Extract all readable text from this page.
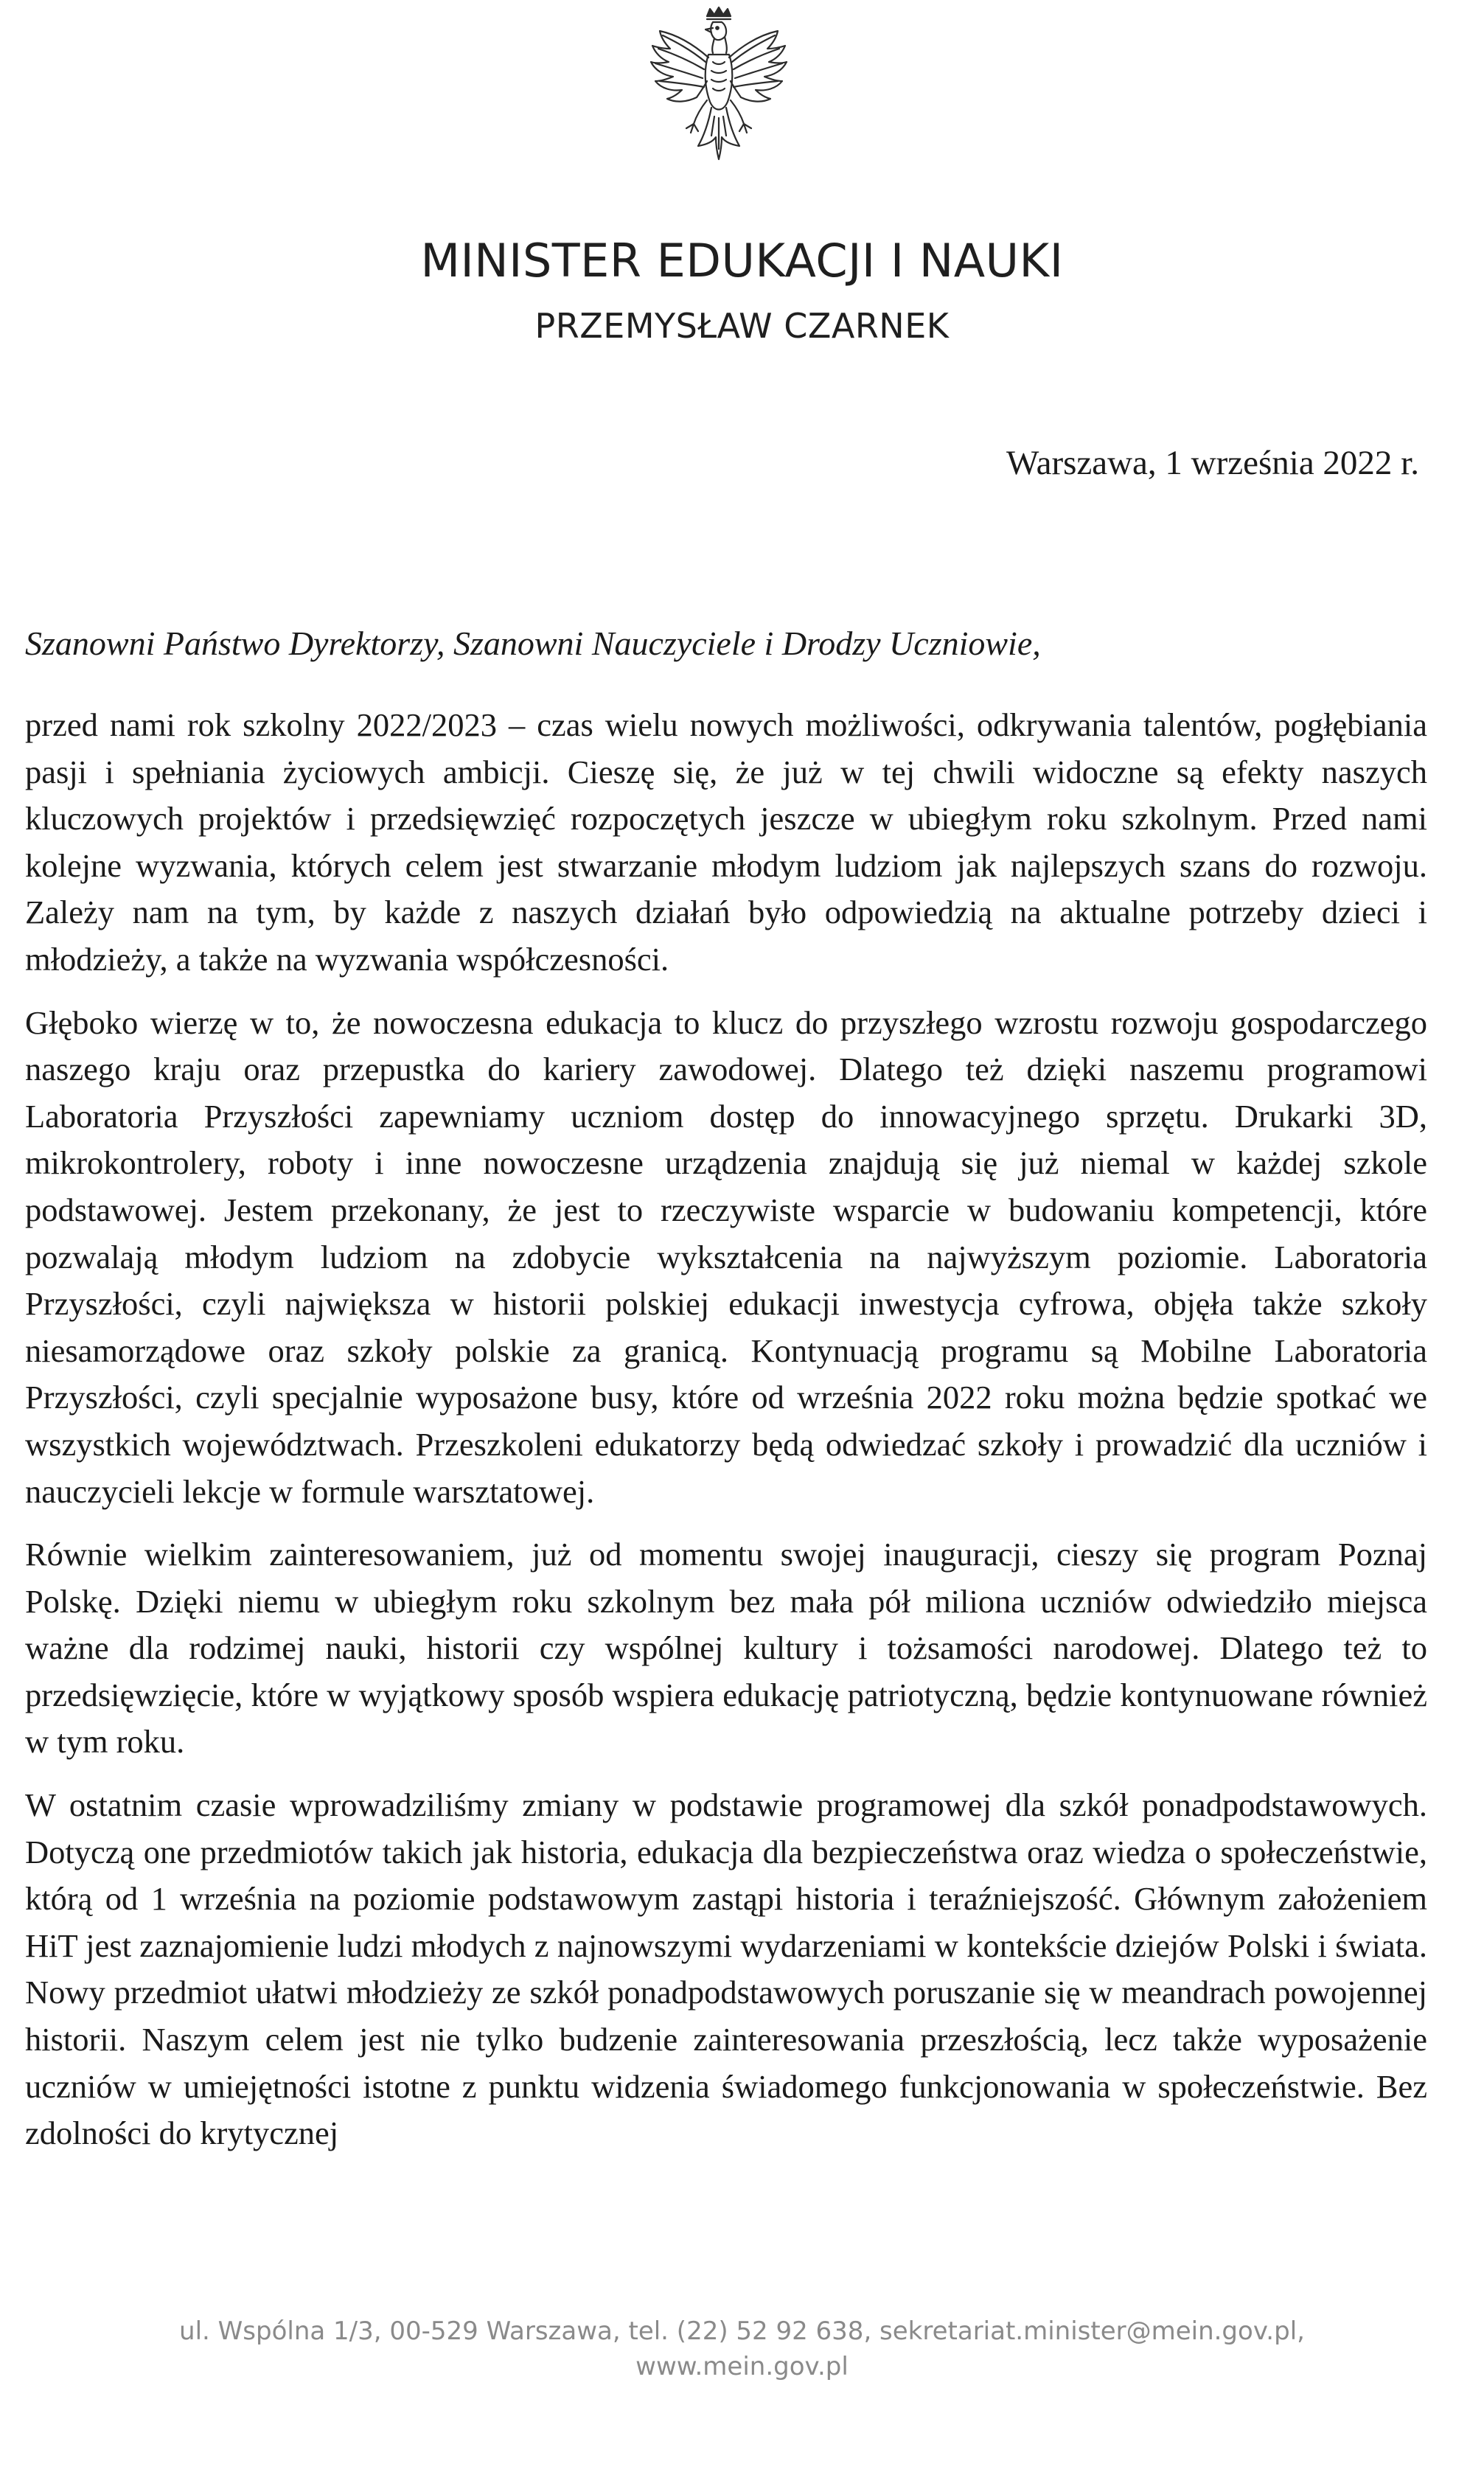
MINISTER EDUKACJI I NAUKI
PRZEMYSŁAW CZARNEK
Warszawa, 1 września 2022 r.
Szanowni Państwo Dyrektorzy, Szanowni Nauczyciele i Drodzy Uczniowie,

przed nami rok szkolny 2022/2023 – czas wielu nowych możliwości, odkrywania talentów, pogłębiania pasji i spełniania życiowych ambicji. Cieszę się, że już w tej chwili widoczne są efekty naszych kluczowych projektów i przedsięwzięć rozpoczętych jeszcze w ubiegłym roku szkolnym. Przed nami kolejne wyzwania, których celem jest stwarzanie młodym ludziom jak najlepszych szans do rozwoju. Zależy nam na tym, by każde z naszych działań było odpowiedzią na aktualne potrzeby dzieci i młodzieży, a także na wyzwania współczesności.

Głęboko wierzę w to, że nowoczesna edukacja to klucz do przyszłego wzrostu rozwoju gospodarczego naszego kraju oraz przepustka do kariery zawodowej. Dlatego też dzięki naszemu programowi Laboratoria Przyszłości zapewniamy uczniom dostęp do innowacyjnego sprzętu. Drukarki 3D, mikrokontrolery, roboty i inne nowoczesne urządzenia znajdują się już niemal w każdej szkole podstawowej. Jestem przekonany, że jest to rzeczywiste wsparcie w budowaniu kompetencji, które pozwalają młodym ludziom na zdobycie wykształcenia na najwyższym poziomie. Laboratoria Przyszłości, czyli największa w historii polskiej edukacji inwestycja cyfrowa, objęła także szkoły niesamorządowe oraz szkoły polskie za granicą. Kontynuacją programu są Mobilne Laboratoria Przyszłości, czyli specjalnie wyposażone busy, które od września 2022 roku można będzie spotkać we wszystkich województwach. Przeszkoleni edukatorzy będą odwiedzać szkoły i prowadzić dla uczniów i nauczycieli lekcje w formule warsztatowej.

Równie wielkim zainteresowaniem, już od momentu swojej inauguracji, cieszy się program Poznaj Polskę. Dzięki niemu w ubiegłym roku szkolnym bez mała pół miliona uczniów odwiedziło miejsca ważne dla rodzimej nauki, historii czy wspólnej kultury i tożsamości narodowej. Dlatego też to przedsięwzięcie, które w wyjątkowy sposób wspiera edukację patriotyczną, będzie kontynuowane również w tym roku.

W ostatnim czasie wprowadziliśmy zmiany w podstawie programowej dla szkół ponadpodstawowych. Dotyczą one przedmiotów takich jak historia, edukacja dla bezpieczeństwa oraz wiedza o społeczeństwie, którą od 1 września na poziomie podstawowym zastąpi historia i teraźniejszość. Głównym założeniem HiT jest zaznajomienie ludzi młodych z najnowszymi wydarzeniami w kontekście dziejów Polski i świata. Nowy przedmiot ułatwi młodzieży ze szkół ponadpodstawowych poruszanie się w meandrach powojennej historii. Naszym celem jest nie tylko budzenie zainteresowania przeszłością, lecz także wyposażenie uczniów w umiejętności istotne z punktu widzenia świadomego funkcjonowania w społeczeństwie. Bez zdolności do krytycznej

ul. Wspólna 1/3, 00-529 Warszawa, tel. (22) 52 92 638, sekretariat.minister@mein.gov.pl,
www.mein.gov.pl
